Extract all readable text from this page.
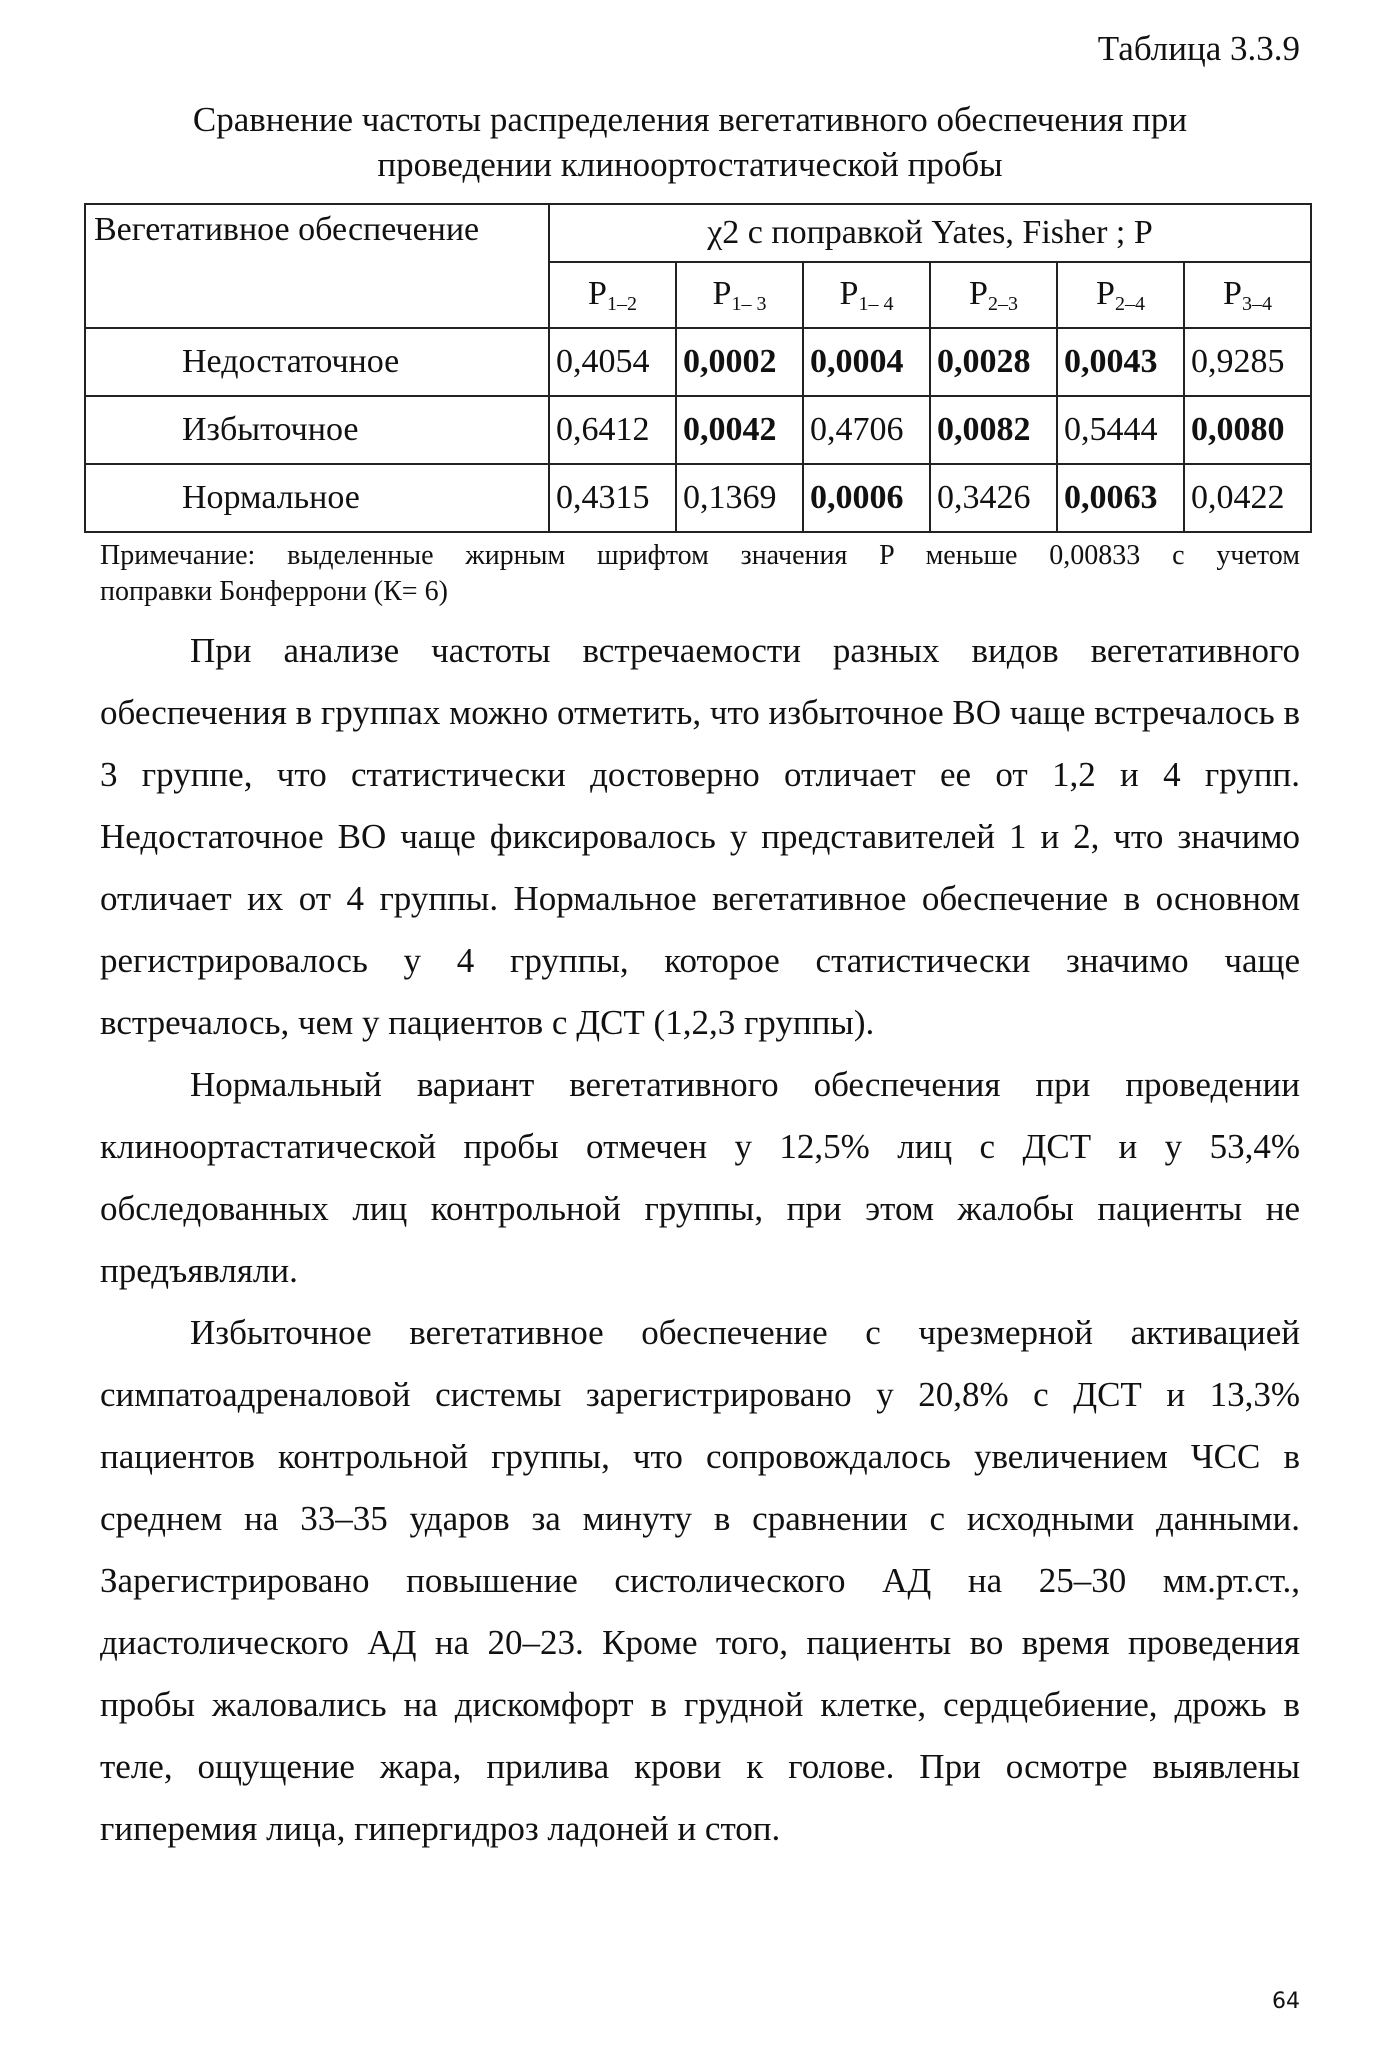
Таблица 3.3.9
Сравнение частоты распределения вегетативного обеспечения при
проведении клиноортостатической пробы
Вегетативное обеспечение	χ2 с поправкой Yates, Fisher ; P					
	$P_{1-2}$	$P_{1- 3}$	$P_{1- 4}$	$P_{2-3}$	$P_{2-4}$	$P_{3-4}$
Недостаточное	0,4054	0,0002	0,0004	0,0028	0,0043	0,9285
Избыточное	0,6412	0,0042	0,4706	0,0082	0,5444	0,0080
Нормальное	0,4315	0,1369	0,0006	0,3426	0,0063	0,0422
Примечание: выделенные жирным шрифтом значения P меньше 0,00833 с учетом
поправки Бонферрони (К= 6)

При анализе частоты встречаемости разных видов вегетативного обеспечения в группах можно отметить, что избыточное ВО чаще встречалось в 3 группе, что статистически достоверно отличает ее от 1,2 и 4 групп. Недостаточное ВО чаще фиксировалось у представителей 1 и 2, что значимо отличает их от 4 группы. Нормальное вегетативное обеспечение в основном регистрировалось у 4 группы, которое статистически значимо чаще встречалось, чем у пациентов с ДСТ (1,2,3 группы).

Нормальный вариант вегетативного обеспечения при проведении клиноортастатической пробы отмечен у 12,5% лиц с ДСТ и у 53,4% обследованных лиц контрольной группы, при этом жалобы пациенты не предъявляли.

Избыточное вегетативное обеспечение с чрезмерной активацией симпатоадреналовой системы зарегистрировано у 20,8% с ДСТ и 13,3% пациентов контрольной группы, что сопровождалось увеличением ЧСС в среднем на 33–35 ударов за минуту в сравнении с исходными данными. Зарегистрировано повышение систолического АД на 25–30 мм.рт.ст., диастолического АД на 20–23. Кроме того, пациенты во время проведения пробы жаловались на дискомфорт в грудной клетке, сердцебиение, дрожь в теле, ощущение жара, прилива крови к голове. При осмотре выявлены гиперемия лица, гипергидроз ладоней и стоп.

64
